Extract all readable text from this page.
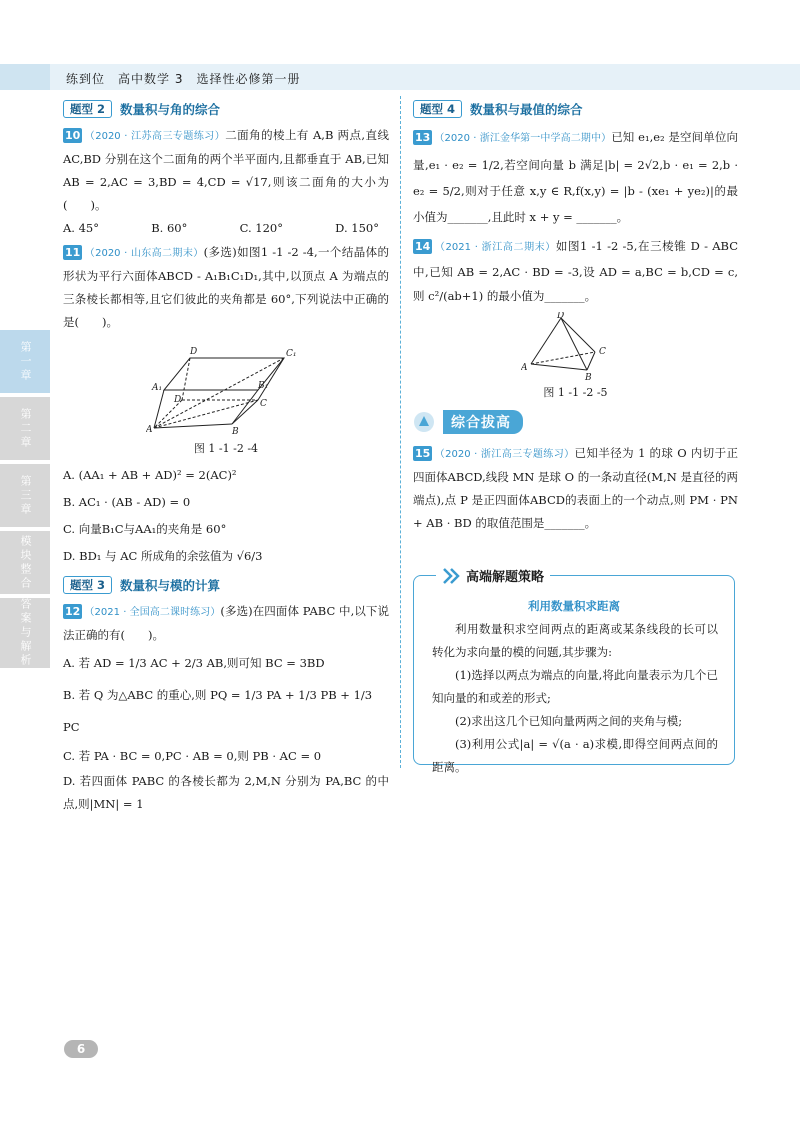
练到位　高中数学 3　选择性必修第一册
第一章
第二章
第三章
模块整合
答案与解析
题型 2	数量积与角的综合
10 （2020 · 江苏高三专题练习）二面角的棱上有 A,B 两点,直线 AC,BD 分别在这个二面角的两个半平面内,且都垂直于 AB,已知 AB = 2,AC = 3,BD = 4,CD = √17,则该二面角的大小为(　　)。
A. 45°	B. 60°	C. 120°	D. 150°
11 （2020 · 山东高二期末）(多选)如图1 -1 -2 -4,一个结晶体的形状为平行六面体ABCD - A₁B₁C₁D₁,其中,以顶点 A 为端点的三条棱长都相等,且它们彼此的夹角都是 60°,下列说法中正确的是(　　)。
D	C₁
A₁	B₁
D	C
A	B
图 1 -1 -2 -4
A. (AA₁ + AB + AD)² = 2(AC)²
B. AC₁ · (AB - AD) = 0
C. 向量B₁C与AA₁的夹角是 60°
D. BD₁ 与 AC 所成角的余弦值为 √6/3
题型 3	数量积与模的计算
12 （2021 · 全国高二课时练习）(多选)在四面体 PABC 中,以下说法正确的有(　　)。
A. 若 AD = 1/3 AC + 2/3 AB,则可知 BC = 3BD
B. 若 Q 为△ABC 的重心,则 PQ = 1/3 PA + 1/3 PB + 1/3 PC
C. 若 PA · BC = 0,PC · AB = 0,则 PB · AC = 0
D. 若四面体 PABC 的各棱长都为 2,M,N 分别为 PA,BC 的中点,则|MN| = 1
题型 4	数量积与最值的综合
13 （2020 · 浙江金华第一中学高二期中）已知 e₁,e₂ 是空间单位向量,e₁ · e₂ = 1/2,若空间向量 b 满足|b| = 2√2,b · e₁ = 2,b · e₂ = 5/2,则对于任意 x,y ∈ R,f(x,y) = |b - (xe₁ + ye₂)|的最小值为_______,且此时 x + y = _______。
14 （2021 · 浙江高二期末）如图1 -1 -2 -5,在三棱锥 D - ABC 中,已知 AB = 2,AC · BD = -3,设 AD = a,BC = b,CD = c,则 c²/(ab+1) 的最小值为_______。
D
A
C
B
图 1 -1 -2 -5
综合拔高
15 （2020 · 浙江高三专题练习）已知半径为 1 的球 O 内切于正四面体ABCD,线段 MN 是球 O 的一条动直径(M,N 是直径的两端点),点 P 是正四面体ABCD的表面上的一个动点,则 PM · PN + AB · BD 的取值范围是_______。
高端解题策略
利用数量积求距离
利用数量积求空间两点的距离或某条线段的长可以转化为求向量的模的问题,其步骤为:
(1)选择以两点为端点的向量,将此向量表示为几个已知向量的和或差的形式;
(2)求出这几个已知向量两两之间的夹角与模;
(3)利用公式|a| = √(a · a)求模,即得空间两点间的距离。
6
